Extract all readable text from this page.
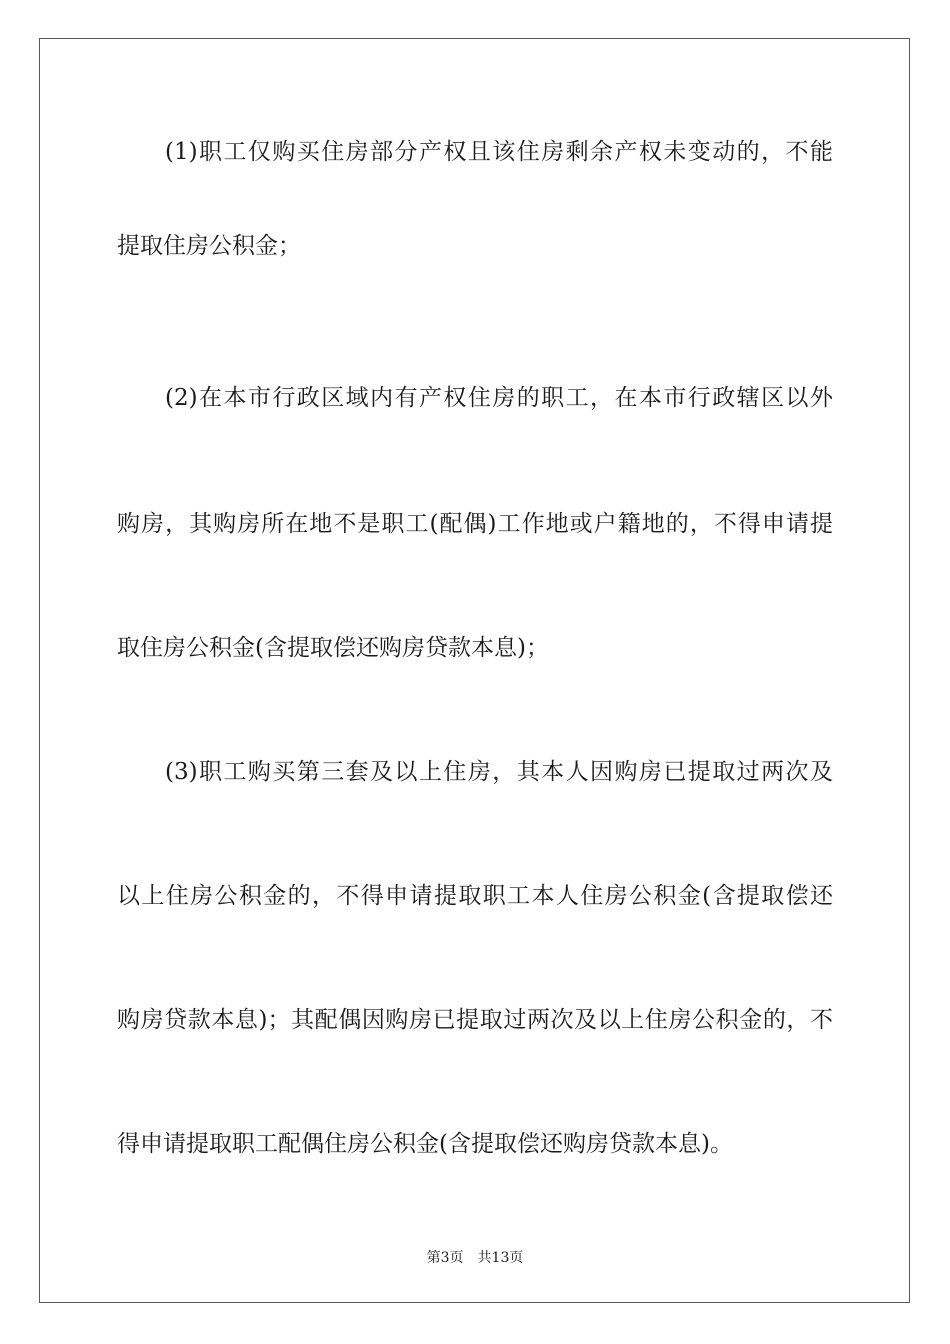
(1)职工仅购买住房部分产权且该住房剩余产权未变动的，不能
提取住房公积金；
(2)在本市行政区域内有产权住房的职工，在本市行政辖区以外
购房，其购房所在地不是职工(配偶)工作地或户籍地的，不得申请提
取住房公积金(含提取偿还购房贷款本息)；
(3)职工购买第三套及以上住房，其本人因购房已提取过两次及
以上住房公积金的，不得申请提取职工本人住房公积金(含提取偿还
购房贷款本息)；其配偶因购房已提取过两次及以上住房公积金的，不
得申请提取职工配偶住房公积金(含提取偿还购房贷款本息)。
第3页 共13页
